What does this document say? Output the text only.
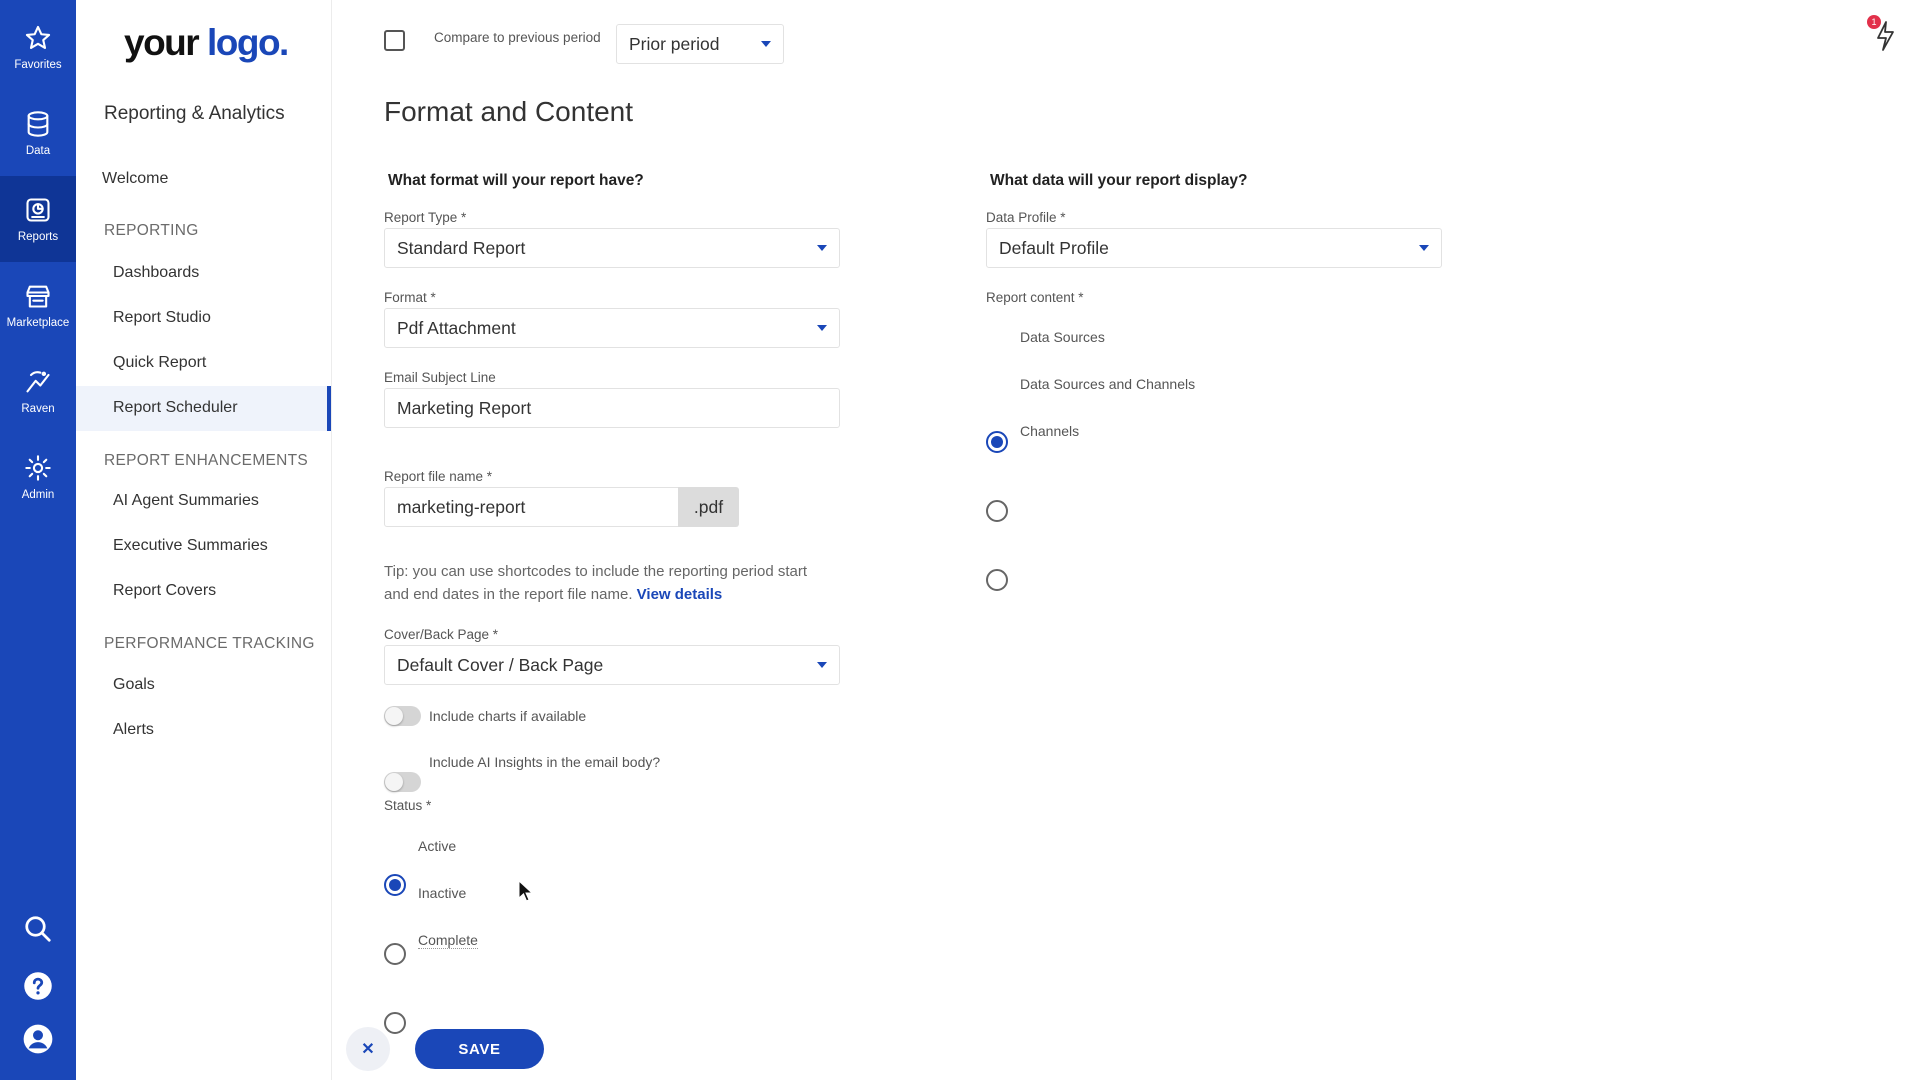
Favorites
Data
Reports
Marketplace
Raven
Admin
your logo.
Reporting & Analytics
Welcome
REPORTING
Dashboards
Report Studio
Quick Report
Report Scheduler
REPORT ENHANCEMENTS
AI Agent Summaries
Executive Summaries
Report Covers
PERFORMANCE TRACKING
Goals
Alerts
Compare to previous period Prior period
1
Format and Content
What format will your report have?
Report Type *
Standard Report
Format *
Pdf Attachment
Email Subject Line
Marketing Report
Report file name *
marketing-report	.pdf
Tip: you can use shortcodes to include the reporting period start and end dates in the report file name. View details
Cover/Back Page *
Default Cover / Back Page
Include charts if available
Include AI Insights in the email body?
Status *
Active
Inactive
Complete
What data will your report display?
Data Profile *
Default Profile
Report content *
Data Sources
Data Sources and Channels
Channels
✕	SAVE
